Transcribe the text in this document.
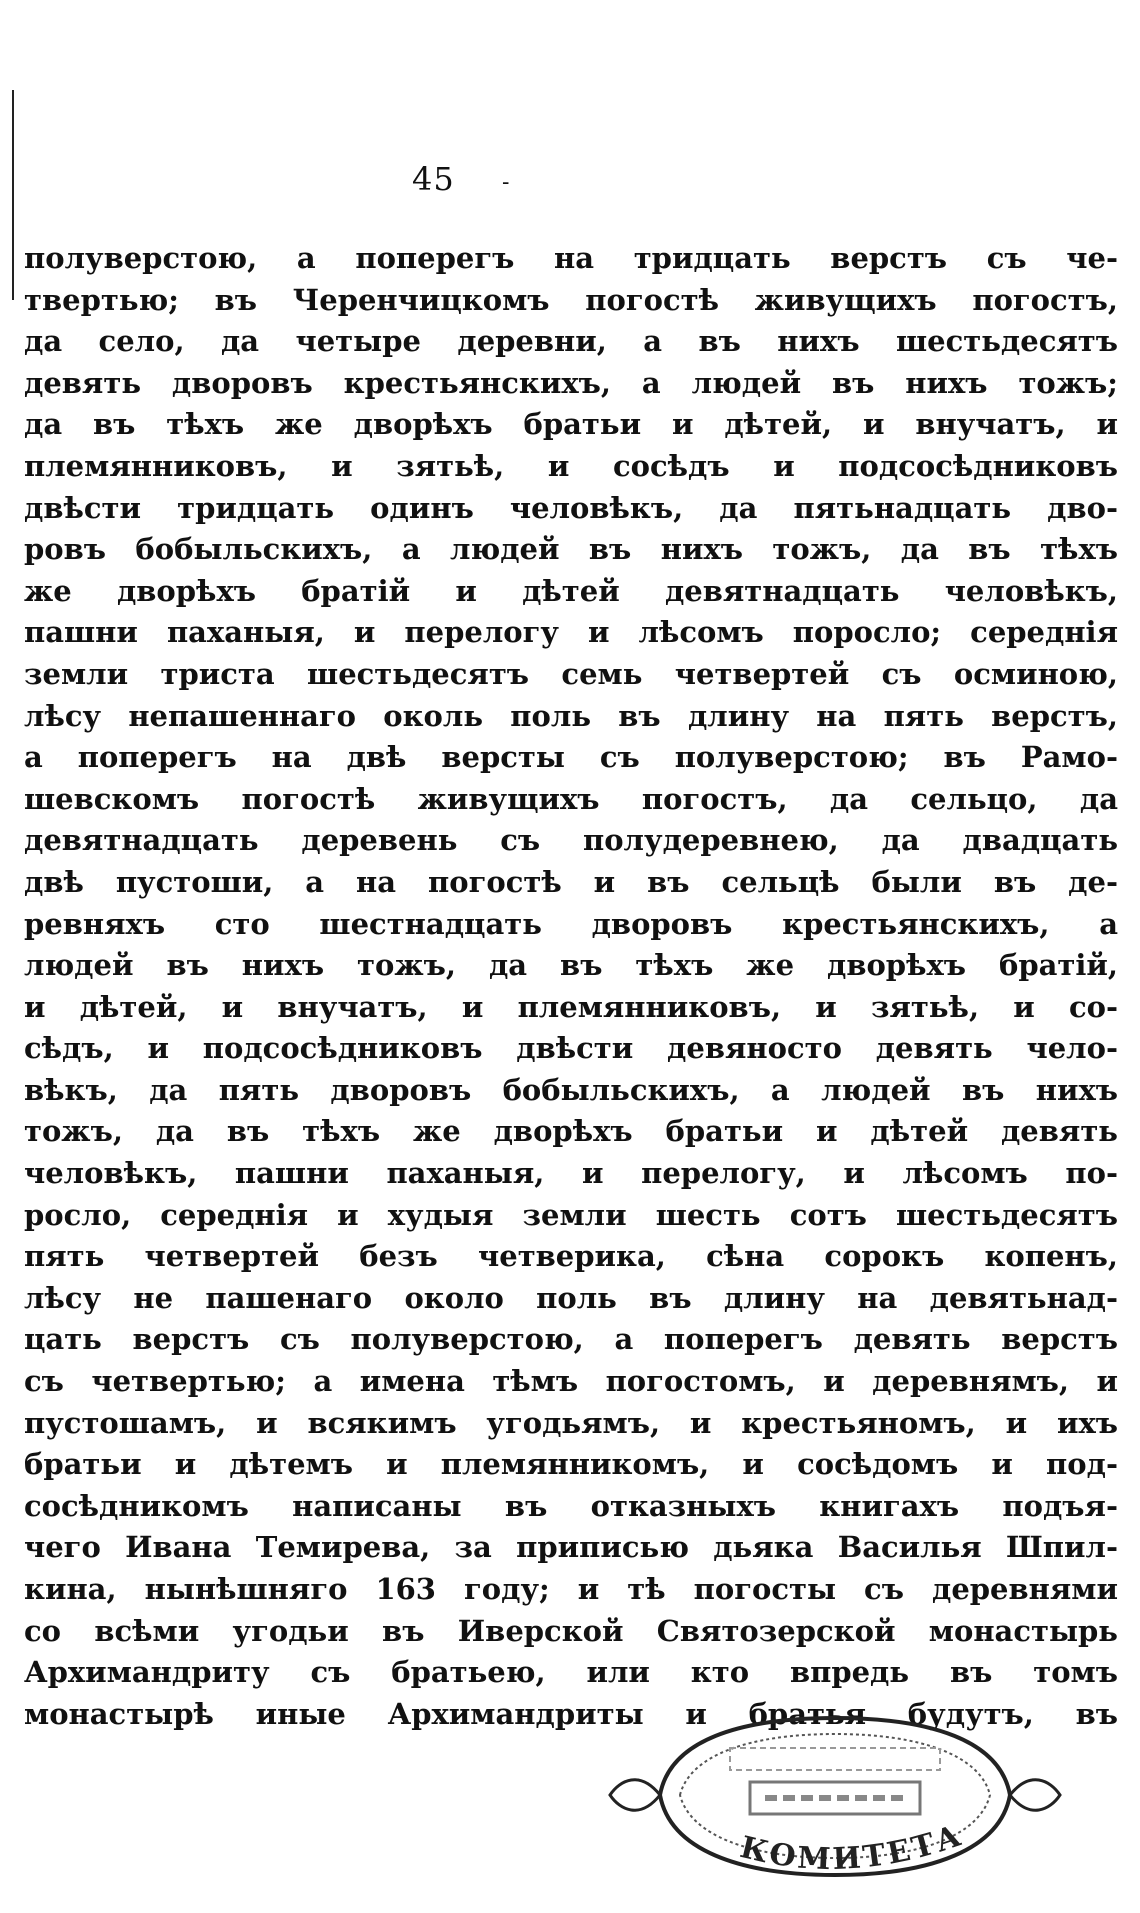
45 -
полуверстою, а поперегъ на тридцать верстъ съ че-
твертью; въ Черенчицкомъ погостѣ живущихъ погостъ,
да село, да четыре деревни, а въ нихъ шестьдесятъ
девять дворовъ крестьянскихъ, а людей въ нихъ тожъ;
да въ тѣхъ же дворѣхъ братьи и дѣтей, и внучатъ, и
племянниковъ, и зятьѣ, и сосѣдъ и подсосѣдниковъ
двѣсти тридцать одинъ человѣкъ, да пятьнадцать дво-
ровъ бобыльскихъ, а людей въ нихъ тожъ, да въ тѣхъ
же дворѣхъ братій и дѣтей девятнадцать человѣкъ,
пашни паханыя, и перелогу и лѣсомъ поросло; середнія
земли триста шестьдесятъ семь четвертей съ осминою,
лѣсу непашеннаго околь поль въ длину на пять верстъ,
а поперегъ на двѣ версты съ полуверстою; въ Рамо-
шевскомъ погостѣ живущихъ погостъ, да сельцо, да
девятнадцать деревень съ полудеревнею, да двадцать
двѣ пустоши, а на погостѣ и въ сельцѣ были въ де-
ревняхъ сто шестнадцать дворовъ крестьянскихъ, а
людей въ нихъ тожъ, да въ тѣхъ же дворѣхъ братій,
и дѣтей, и внучатъ, и племянниковъ, и зятьѣ, и со-
сѣдъ, и подсосѣдниковъ двѣсти девяносто девять чело-
вѣкъ, да пять дворовъ бобыльскихъ, а людей въ нихъ
тожъ, да въ тѣхъ же дворѣхъ братьи и дѣтей девять
человѣкъ, пашни паханыя, и перелогу, и лѣсомъ по-
росло, середнія и худыя земли шесть сотъ шестьдесятъ
пять четвертей безъ четверика, сѣна сорокъ копенъ,
лѣсу не пашенаго около поль въ длину на девятьнад-
цать верстъ съ полуверстою, а поперегъ девять верстъ
съ четвертью; а имена тѣмъ погостомъ, и деревнямъ, и
пустошамъ, и всякимъ угодьямъ, и крестьяномъ, и ихъ
братьи и дѣтемъ и племянникомъ, и сосѣдомъ и под-
сосѣдникомъ написаны въ отказныхъ книгахъ подъя-
чего Ивана Темирева, за приписью дьяка Василья Шпил-
кина, нынѣшняго 163 году; и тѣ погосты съ деревнями
со всѣми угодьи въ Иверской Святозерской монастырь
Архимандриту съ братьею, или кто впредь въ томъ
монастырѣ иные Архимандриты и братья будутъ, въ
КОМИТЕТА
